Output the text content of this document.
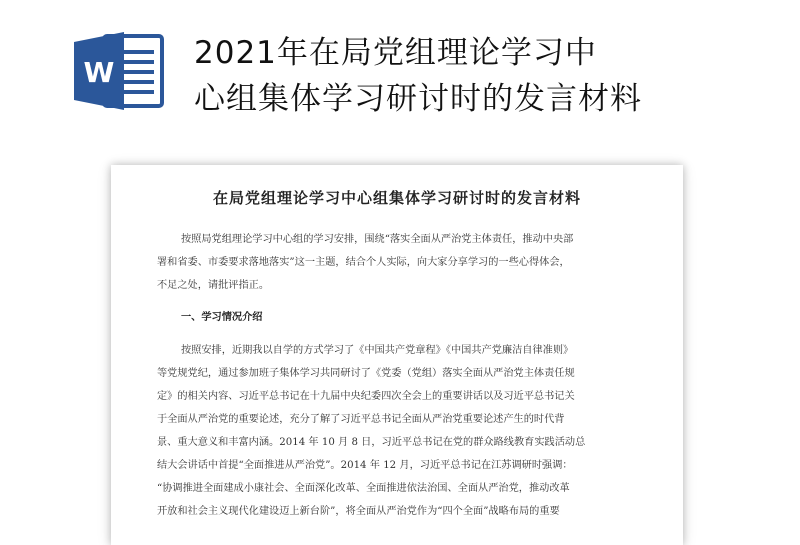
W
2021年在局党组理论学习中
心组集体学习研讨时的发言材料
在局党组理论学习中心组集体学习研讨时的发言材料
按照局党组理论学习中心组的学习安排，围绕“落实全面从严治党主体责任，推动中央部
署和省委、市委要求落地落实”这一主题，结合个人实际，向大家分享学习的一些心得体会，
不足之处，请批评指正。
一、学习情况介绍
按照安排，近期我以自学的方式学习了《中国共产党章程》《中国共产党廉洁自律准则》
等党规党纪，通过参加班子集体学习共同研讨了《党委（党组）落实全面从严治党主体责任规
定》的相关内容、习近平总书记在十九届中央纪委四次全会上的重要讲话以及习近平总书记关
于全面从严治党的重要论述，充分了解了习近平总书记全面从严治党重要论述产生的时代背
景、重大意义和丰富内涵。2014 年 10 月 8 日，习近平总书记在党的群众路线教育实践活动总
结大会讲话中首提“全面推进从严治党”。2014 年 12 月，习近平总书记在江苏调研时强调：
“协调推进全面建成小康社会、全面深化改革、全面推进依法治国、全面从严治党，推动改革
开放和社会主义现代化建设迈上新台阶”，将全面从严治党作为“四个全面”战略布局的重要
